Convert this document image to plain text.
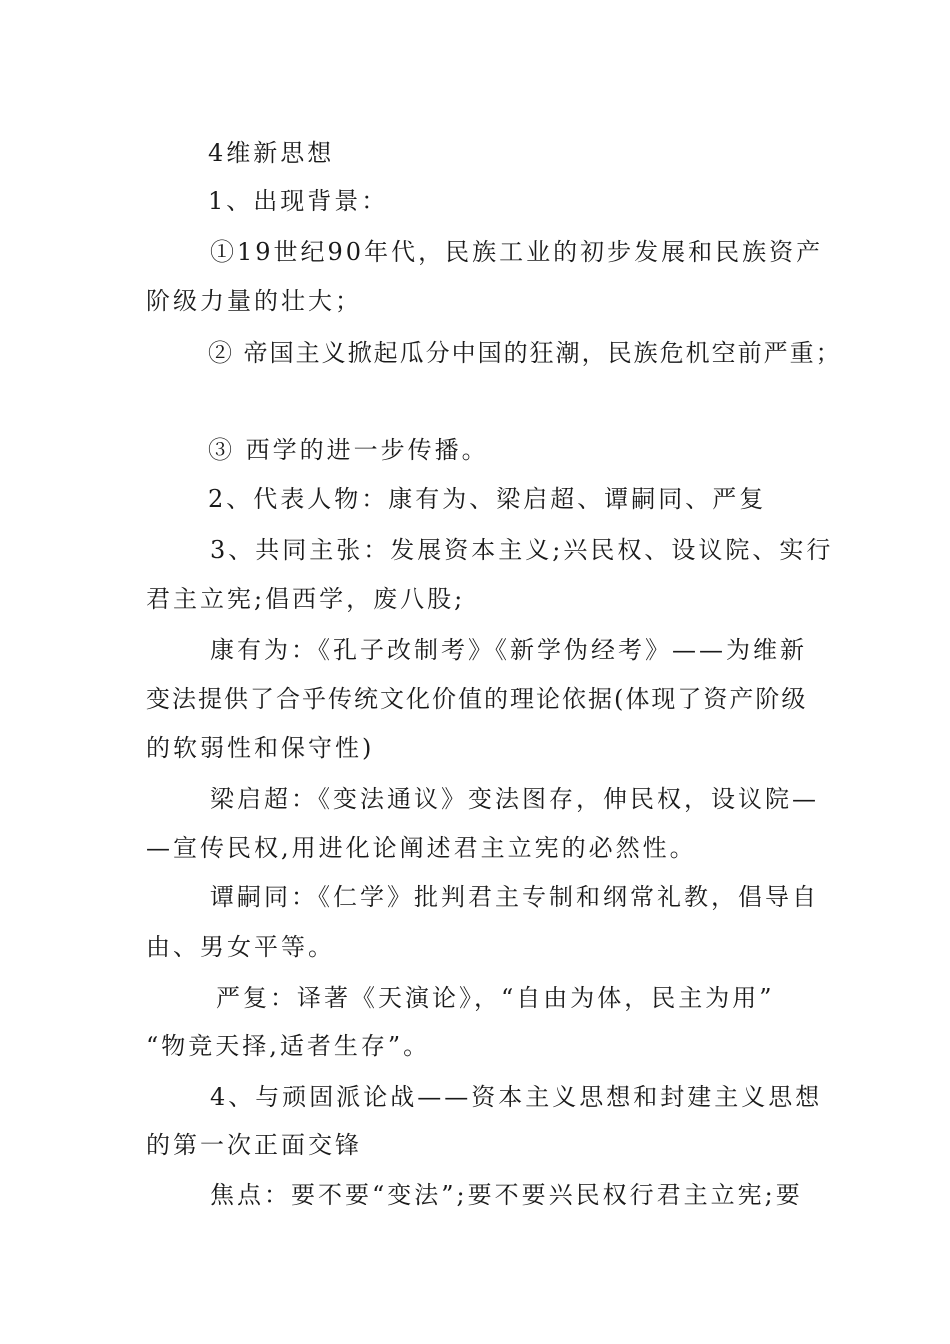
4维新思想
1、出现背景：
①19世纪90年代，民族工业的初步发展和民族资产
阶级力量的壮大；
② 帝国主义掀起瓜分中国的狂潮，民族危机空前严重；
③ 西学的进一步传播。
2、代表人物：康有为、梁启超、谭嗣同、严复
3、共同主张：发展资本主义;兴民权、设议院、实行
君主立宪;倡西学，废八股;
康有为：《孔子改制考》《新学伪经考》——为维新
变法提供了合乎传统文化价值的理论依据(体现了资产阶级
的软弱性和保守性)
梁启超：《变法通议》变法图存，伸民权，设议院—
—宣传民权,用进化论阐述君主立宪的必然性。
谭嗣同：《仁学》批判君主专制和纲常礼教，倡导自
由、男女平等。
严复：译著《天演论》，“自由为体，民主为用”
“物竞天择,适者生存”。
4、与顽固派论战——资本主义思想和封建主义思想
的第一次正面交锋
焦点：要不要“变法”;要不要兴民权行君主立宪;要
